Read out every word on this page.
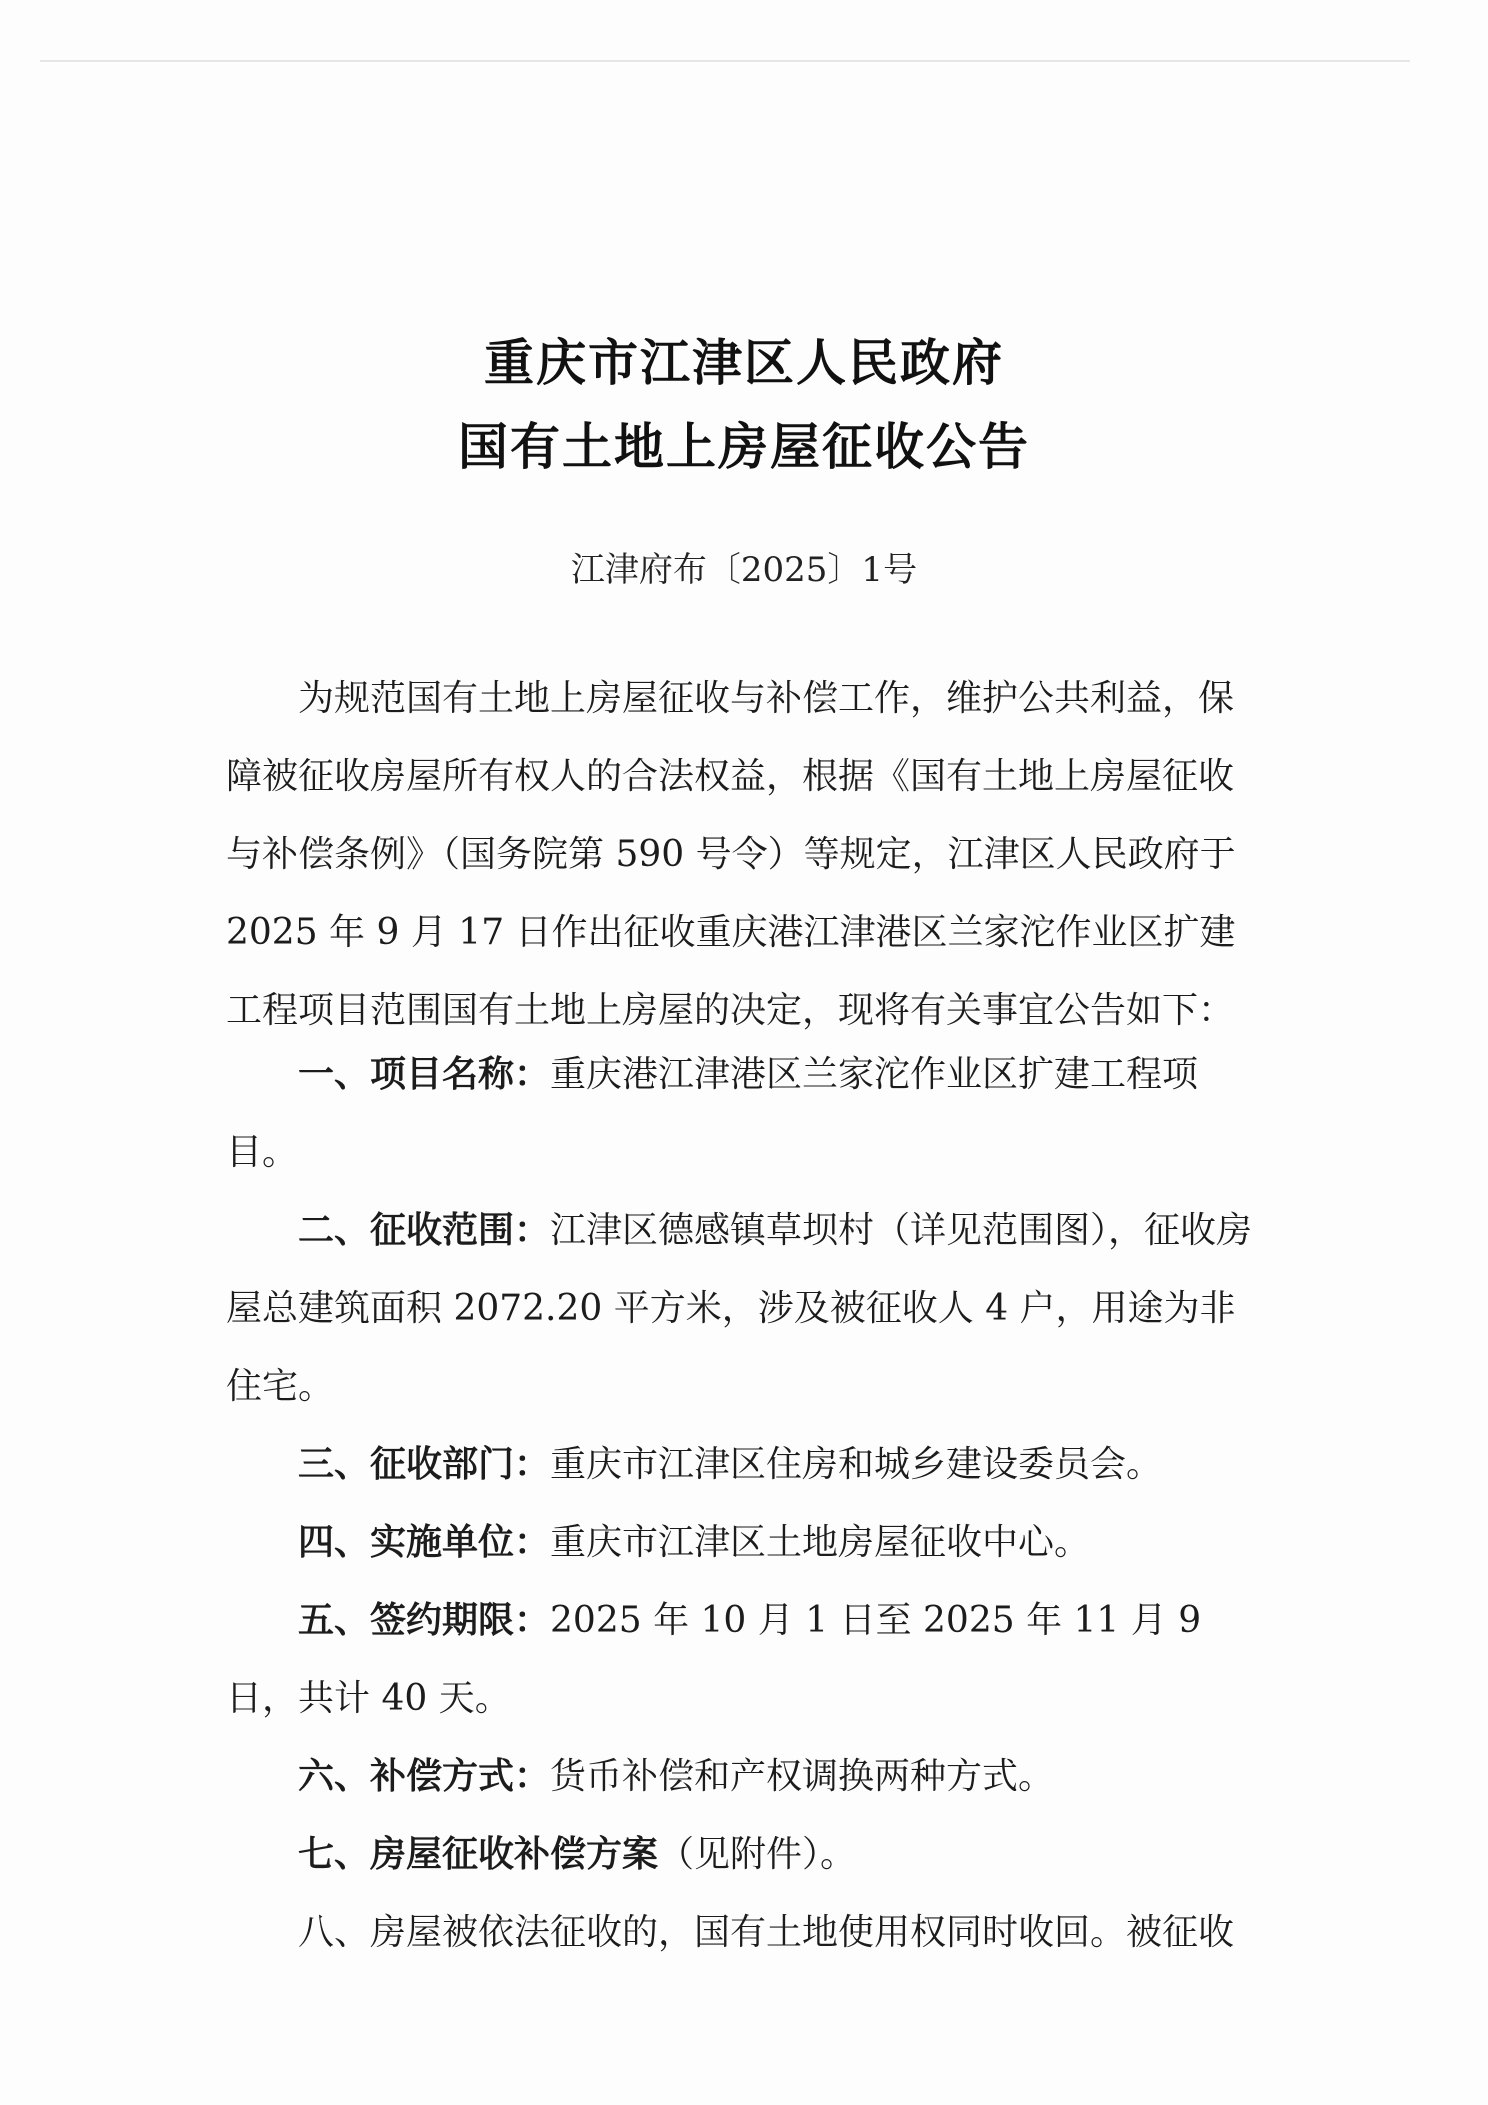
重庆市江津区人民政府
国有土地上房屋征收公告
江津府布〔2025〕1号

为规范国有土地上房屋征收与补偿工作，维护公共利益，保障被征收房屋所有权人的合法权益，根据《国有土地上房屋征收与补偿条例》（国务院第 590 号令）等规定，江津区人民政府于 2025 年 9 月 17 日作出征收重庆港江津港区兰家沱作业区扩建工程项目范围国有土地上房屋的决定，现将有关事宜公告如下：

一、项目名称：重庆港江津港区兰家沱作业区扩建工程项目。

二、征收范围：江津区德感镇草坝村（详见范围图），征收房屋总建筑面积 2072.20 平方米，涉及被征收人 4 户，用途为非住宅。

三、征收部门：重庆市江津区住房和城乡建设委员会。

四、实施单位：重庆市江津区土地房屋征收中心。

五、签约期限：2025 年 10 月 1 日至 2025 年 11 月 9 日，共计 40 天。

六、补偿方式：货币补偿和产权调换两种方式。

七、房屋征收补偿方案（见附件）。

八、房屋被依法征收的，国有土地使用权同时收回。被征收
